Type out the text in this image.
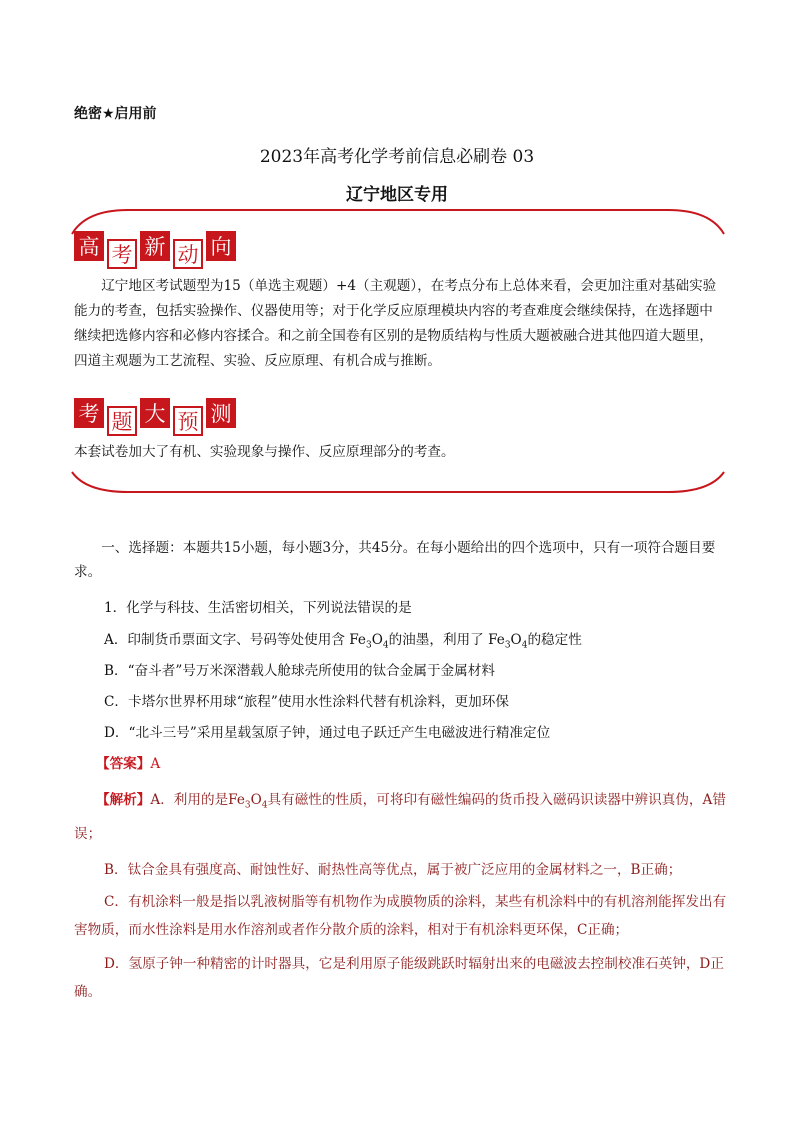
绝密★启用前
2023年高考化学考前信息必刷卷 03
辽宁地区专用
高 考 新 动 向
辽宁地区考试题型为15（单选主观题）+4（主观题），在考点分布上总体来看，会更加注重对基础实验能力的考查，包括实验操作、仪器使用等；对于化学反应原理模块内容的考查难度会继续保持，在选择题中继续把选修内容和必修内容揉合。和之前全国卷有区别的是物质结构与性质大题被融合进其他四道大题里，四道主观题为工艺流程、实验、反应原理、有机合成与推断。
考 题 大 预 测
本套试卷加大了有机、实验现象与操作、反应原理部分的考查。
一、选择题：本题共15小题，每小题3分，共45分。在每小题给出的四个选项中，只有一项符合题目要求。
1．化学与科技、生活密切相关，下列说法错误的是
A．印制货币票面文字、号码等处使用含 $Fe_3O_4$的油墨，利用了 $Fe_3O_4$的稳定性
B．“奋斗者”号万米深潜载人舱球壳所使用的钛合金属于金属材料
C．卡塔尔世界杯用球“旅程”使用水性涂料代替有机涂料，更加环保
D．“北斗三号”采用星载氢原子钟，通过电子跃迁产生电磁波进行精准定位
【答案】A
【解析】A．利用的是$Fe_3O_4$具有磁性的性质，可将印有磁性编码的货币投入磁码识读器中辨识真伪，A错误；
B．钛合金具有强度高、耐蚀性好、耐热性高等优点，属于被广泛应用的金属材料之一，B正确；
C．有机涂料一般是指以乳液树脂等有机物作为成膜物质的涂料，某些有机涂料中的有机溶剂能挥发出有害物质，而水性涂料是用水作溶剂或者作分散介质的涂料，相对于有机涂料更环保，C正确；
D．氢原子钟一种精密的计时器具，它是利用原子能级跳跃时辐射出来的电磁波去控制校准石英钟，D正确。
